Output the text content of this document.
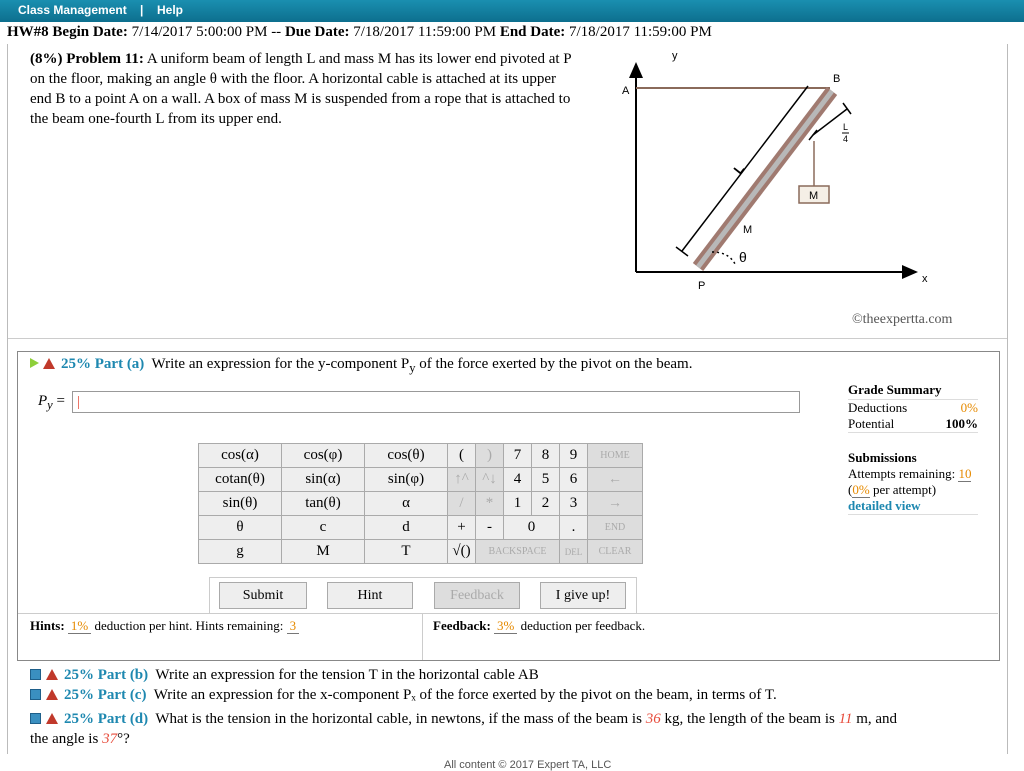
Class Management | Help
HW#8 Begin Date: 7/14/2017 5:00:00 PM -- Due Date: 7/18/2017 11:59:00 PM End Date: 7/18/2017 11:59:00 PM
(8%) Problem 11: A uniform beam of length L and mass M has its lower end pivoted at P on the floor, making an angle θ with the floor. A horizontal cable is attached at its upper end B to a point A on a wall. A box of mass M is suspended from a rope that is attached to the beam one-fourth L from its upper end.
y
x
A
B
P
L
M
M
θ
L
4
©theexpertta.com
25% Part (a) Write an expression for the y-component $P_y$ of the force exerted by the pivot on the beam.
$P_y$ =
|
Grade Summary
Deductions	0%
Potential	100%
Submissions
Attempts remaining: 10
(0% per attempt)
detailed view
cos(α)	cos(φ)	cos(θ)	(	)	7	8	9	HOME
cotan(θ)	sin(α)	sin(φ)	↑^	^↓	4	5	6	←
sin(θ)	tan(θ)	α	/	*	1	2	3	→
θ	c	d	+	-	0		.	END
g	M	T	√()	BACKSPACE			DEL	CLEAR
Submit	Hint	Feedback	I give up!
Hints: 1% deduction per hint. Hints remaining: 3	Feedback: 3% deduction per feedback.
25% Part (b) Write an expression for the tension T in the horizontal cable AB
25% Part (c) Write an expression for the x-component Pₓ of the force exerted by the pivot on the beam, in terms of T.
25% Part (d) What is the tension in the horizontal cable, in newtons, if the mass of the beam is 36 kg, the length of the beam is 11 m, and
the angle is 37°?
All content © 2017 Expert TA, LLC
